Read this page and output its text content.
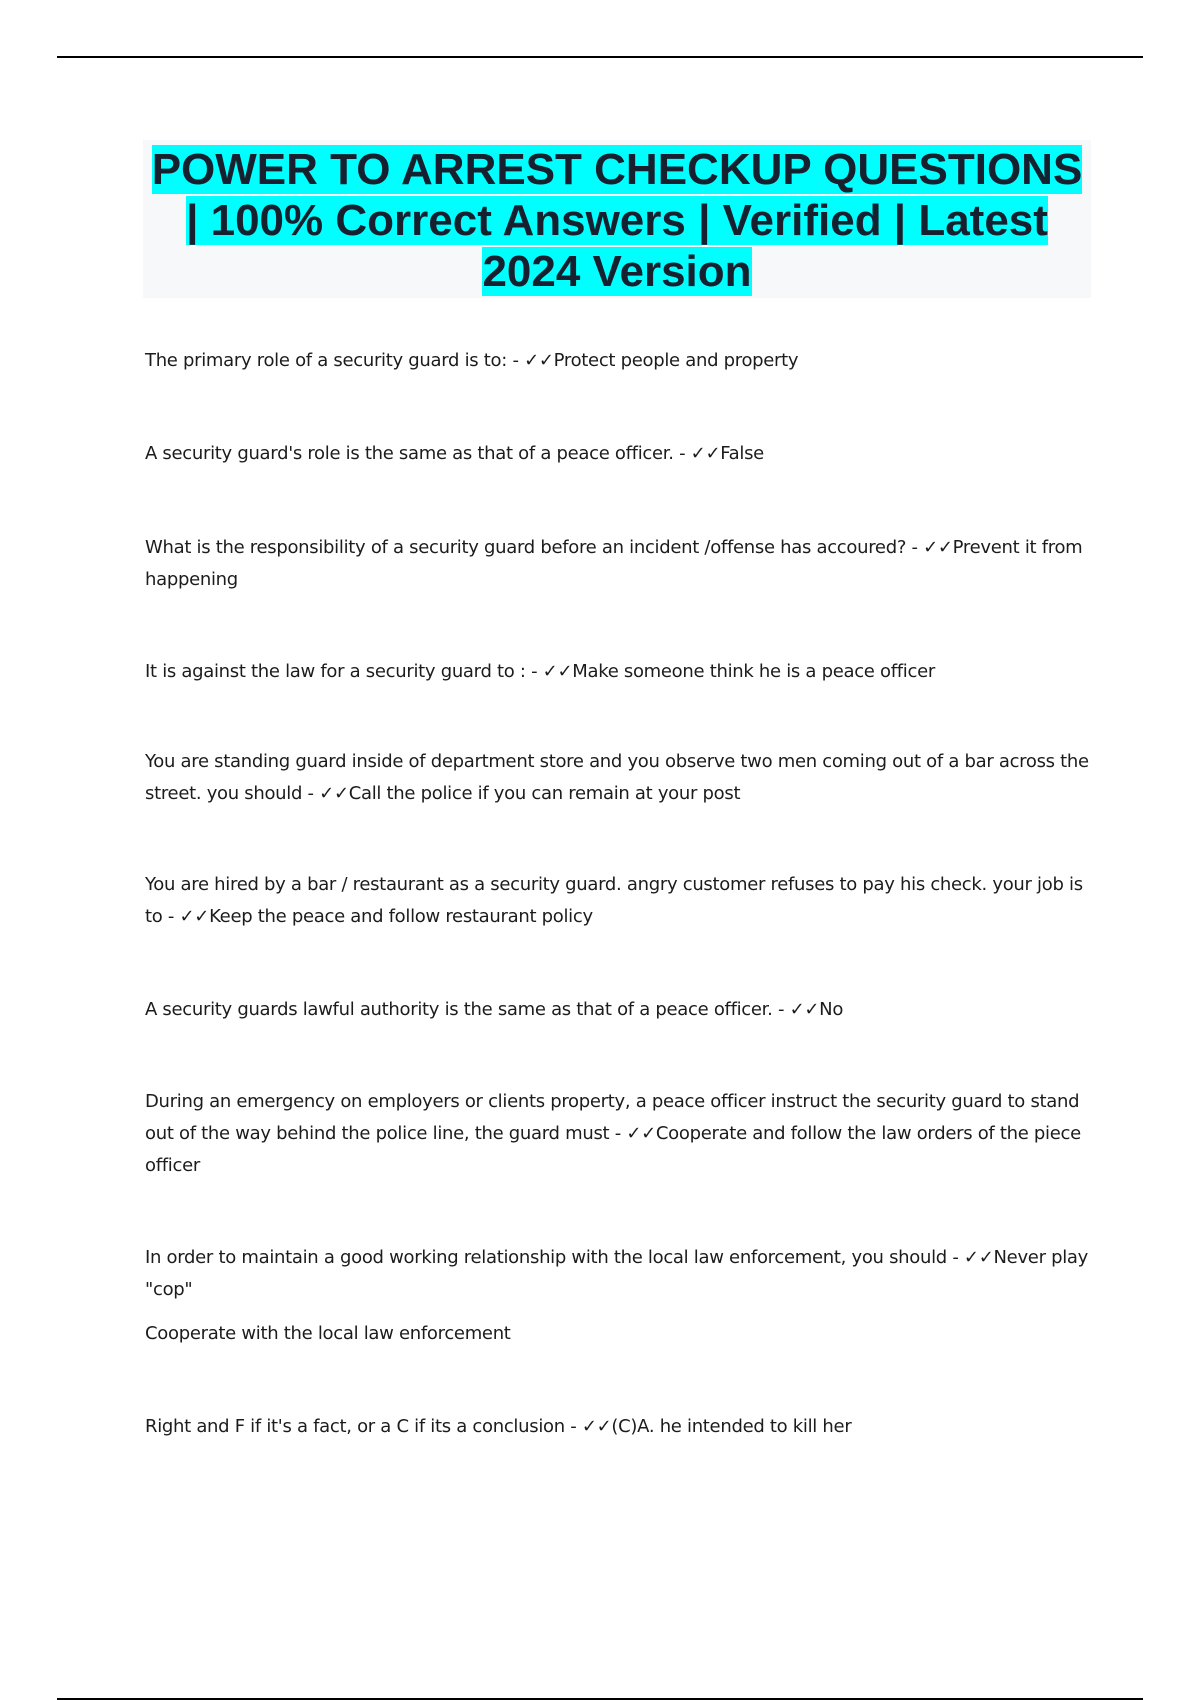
POWER TO ARREST CHECKUP QUESTIONS | 100% Correct Answers | Verified | Latest 2024 Version

The primary role of a security guard is to: - ✓✓Protect people and property

A security guard's role is the same as that of a peace officer. - ✓✓False

What is the responsibility of a security guard before an incident /offense has accoured? - ✓✓Prevent it from happening

It is against the law for a security guard to : - ✓✓Make someone think he is a peace officer

You are standing guard inside of department store and you observe two men coming out of a bar across the street. you should - ✓✓Call the police if you can remain at your post

You are hired by a bar / restaurant as a security guard. angry customer refuses to pay his check. your job is to - ✓✓Keep the peace and follow restaurant policy

A security guards lawful authority is the same as that of a peace officer. - ✓✓No

During an emergency on employers or clients property, a peace officer instruct the security guard to stand out of the way behind the police line, the guard must - ✓✓Cooperate and follow the law orders of the piece officer

In order to maintain a good working relationship with the local law enforcement, you should - ✓✓Never play "cop"
Cooperate with the local law enforcement

Right and F if it's a fact, or a C if its a conclusion - ✓✓(C)A. he intended to kill her
